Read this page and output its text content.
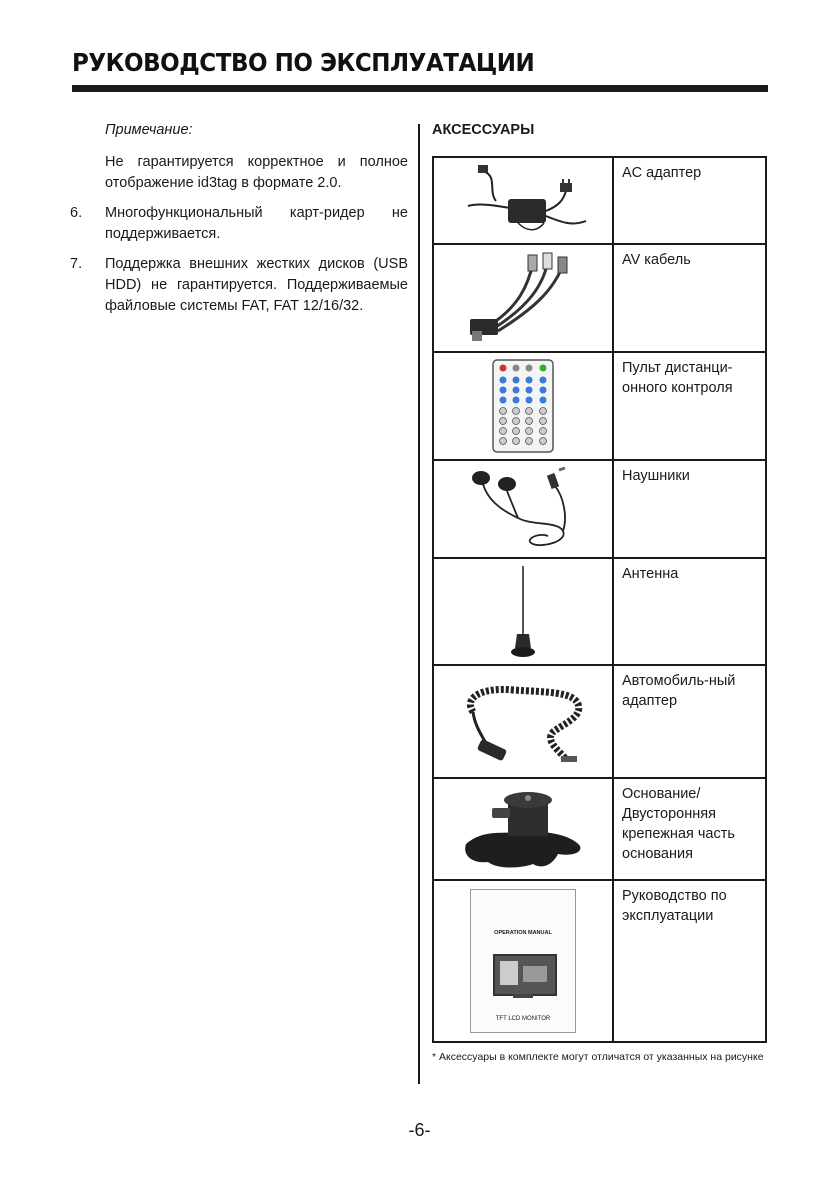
РУКОВОДСТВО ПО ЭКСПЛУАТАЦИИ
Примечание:
Не гарантируется корректное и полное отображение id3tag в формате 2.0.
6.	Многофункциональный карт-ридер не поддерживается.
7.	Поддержка внешних жестких дисков (USB HDD) не гарантируется. Поддерживаемые файловые системы FAT, FAT 12/16/32.
АКСЕССУАРЫ
	AC адаптер

	AV кабель

	Пульт дистанци-онного контроля

	Наушники

	Антенна

	Автомобиль-ный адаптер

	Основание/ Двусторонняя крепежная часть основания

OPERATION MANUAL
TFT LCD MONITOR	Руководство по эксплуатации
* Аксессуары в комплекте могут отличатся от указанных на рисунке
-6-
